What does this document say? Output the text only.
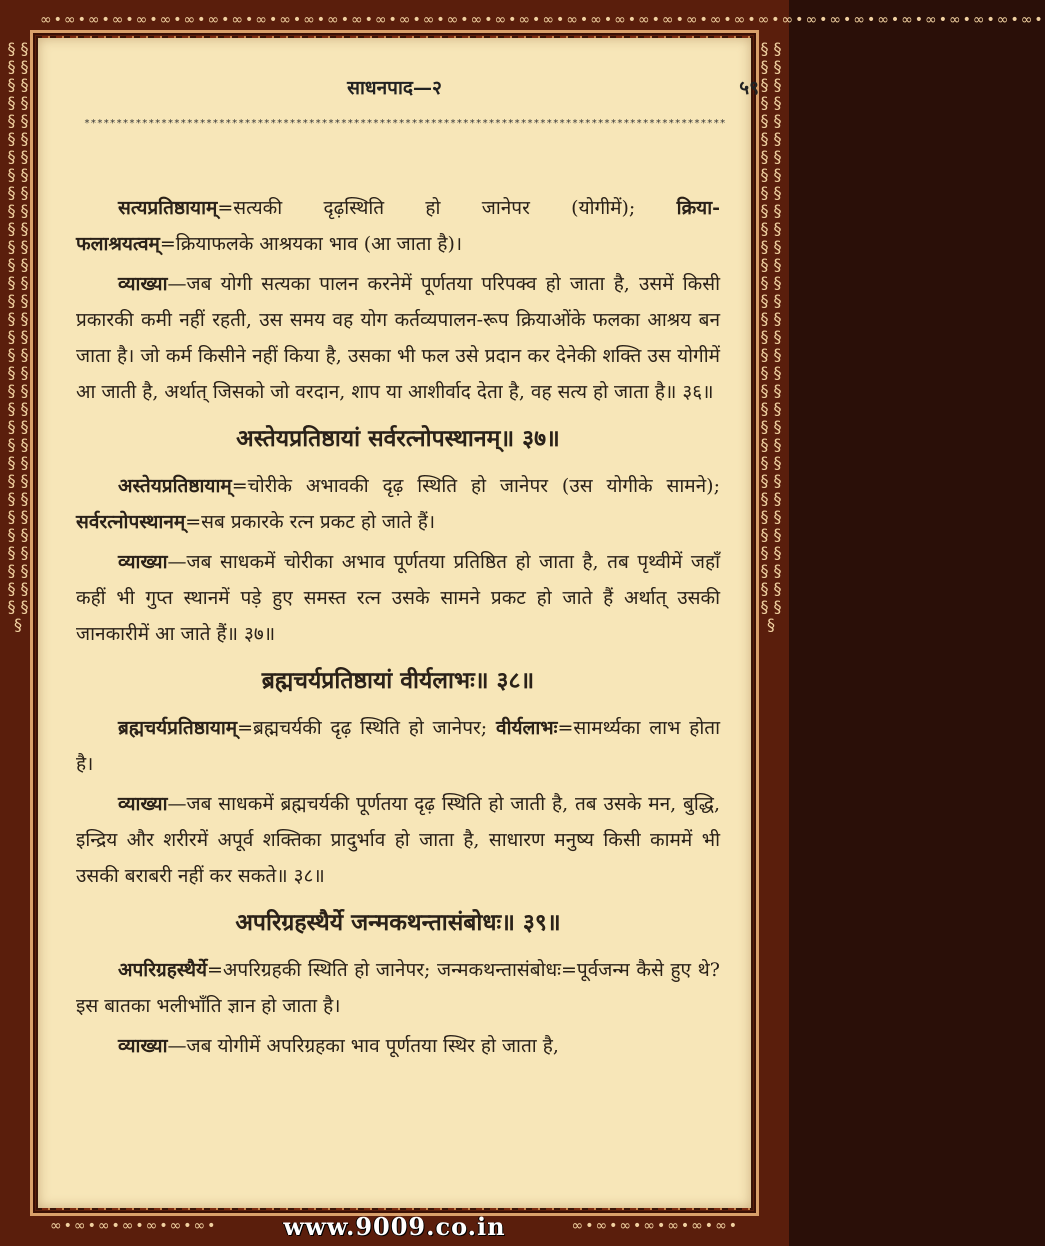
∞•∞•∞•∞•∞•∞•∞•∞•∞•∞•∞•∞•∞•∞•∞•∞•∞•∞•∞•∞•∞•∞•∞•∞•∞•∞•∞•∞•∞•∞•∞•∞•∞•∞•∞•∞•∞•∞•∞•∞•∞•∞•
§ § § § § § § § § § § § § § § § § § § § § § § § § § § § § § § § § § § § § § § § § § § § § § § § § § § § § § § § § § § § § § § § §
§ § § § § § § § § § § § § § § § § § § § § § § § § § § § § § § § § § § § § § § § § § § § § § § § § § § § § § § § § § § § § § § § §
साधनपाद—२	५९
****************************************************************************************************

सत्यप्रतिष्ठायाम्=सत्यकी दृढ़स्थिति हो जानेपर (योगीमें); क्रिया-फलाश्रयत्वम्=क्रियाफलके आश्रयका भाव (आ जाता है)।

व्याख्या—जब योगी सत्यका पालन करनेमें पूर्णतया परिपक्व हो जाता है, उसमें किसी प्रकारकी कमी नहीं रहती, उस समय वह योग कर्तव्यपालन-रूप क्रियाओंके फलका आश्रय बन जाता है। जो कर्म किसीने नहीं किया है, उसका भी फल उसे प्रदान कर देनेकी शक्ति उस योगीमें आ जाती है, अर्थात् जिसको जो वरदान, शाप या आशीर्वाद देता है, वह सत्य हो जाता है॥ ३६॥

अस्तेयप्रतिष्ठायां सर्वरत्नोपस्थानम्॥ ३७॥

अस्तेयप्रतिष्ठायाम्=चोरीके अभावकी दृढ़ स्थिति हो जानेपर (उस योगीके सामने); सर्वरत्नोपस्थानम्=सब प्रकारके रत्न प्रकट हो जाते हैं।

व्याख्या—जब साधकमें चोरीका अभाव पूर्णतया प्रतिष्ठित हो जाता है, तब पृथ्वीमें जहाँ कहीं भी गुप्त स्थानमें पड़े हुए समस्त रत्न उसके सामने प्रकट हो जाते हैं अर्थात् उसकी जानकारीमें आ जाते हैं॥ ३७॥

ब्रह्मचर्यप्रतिष्ठायां वीर्यलाभः॥ ३८॥

ब्रह्मचर्यप्रतिष्ठायाम्=ब्रह्मचर्यकी दृढ़ स्थिति हो जानेपर; वीर्यलाभः=सामर्थ्यका लाभ होता है।

व्याख्या—जब साधकमें ब्रह्मचर्यकी पूर्णतया दृढ़ स्थिति हो जाती है, तब उसके मन, बुद्धि, इन्द्रिय और शरीरमें अपूर्व शक्तिका प्रादुर्भाव हो जाता है, साधारण मनुष्य किसी काममें भी उसकी बराबरी नहीं कर सकते॥ ३८॥

अपरिग्रहस्थैर्ये जन्मकथन्तासंबोधः॥ ३९॥

अपरिग्रहस्थैर्ये=अपरिग्रहकी स्थिति हो जानेपर; जन्मकथन्तासंबोधः=पूर्वजन्म कैसे हुए थे? इस बातका भलीभाँति ज्ञान हो जाता है।

व्याख्या—जब योगीमें अपरिग्रहका भाव पूर्णतया स्थिर हो जाता है,

∞•∞•∞•∞•∞•∞•∞•	www.9009.co.in	∞•∞•∞•∞•∞•∞•∞•
